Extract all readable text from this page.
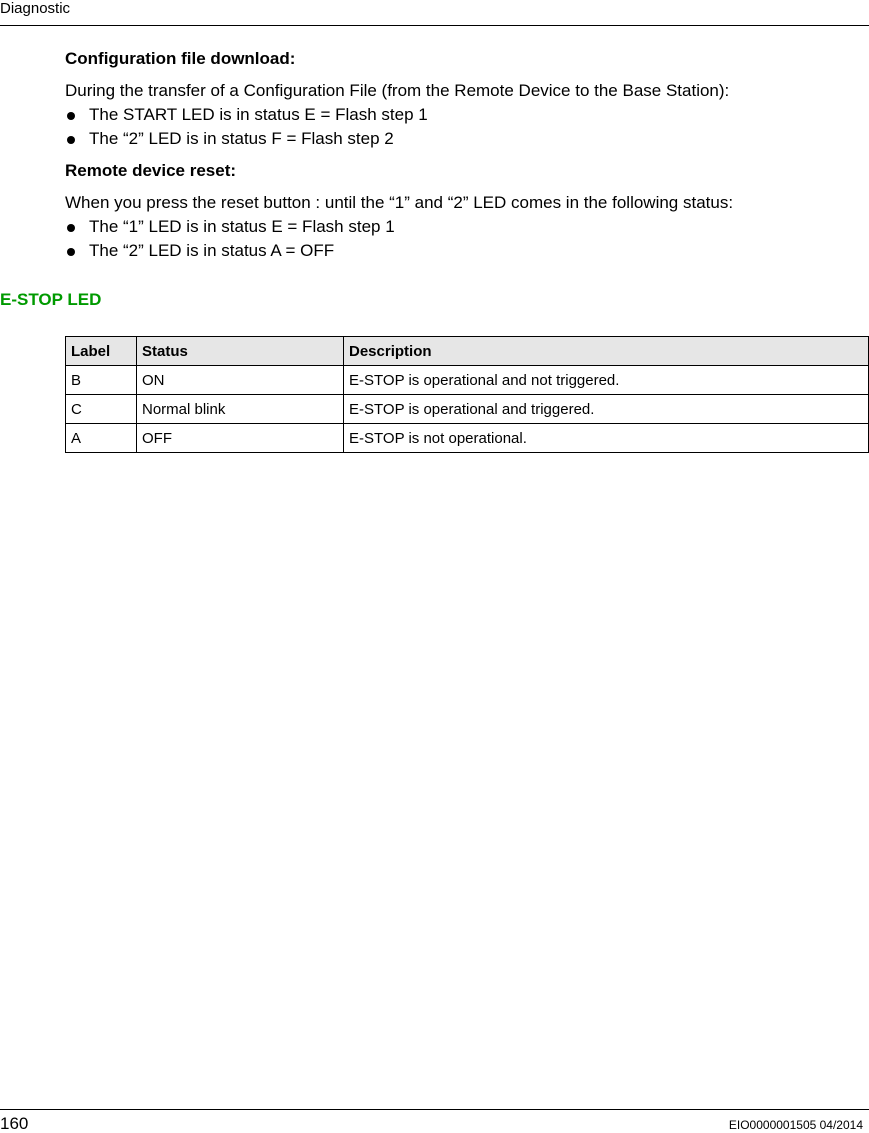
Diagnostic
Configuration file download:
During the transfer of a Configuration File (from the Remote Device to the Base Station):
The START LED is in status E = Flash step 1
The “2” LED is in status F = Flash step 2
Remote device reset:
When you press the reset button : until the “1” and “2” LED comes in the following status:
The “1” LED is in status E = Flash step 1
The “2” LED is in status A = OFF
E-STOP LED
Label	Status	Description
B	ON	E-STOP is operational and not triggered.
C	Normal blink	E-STOP is operational and triggered.
A	OFF	E-STOP is not operational.
160	EIO0000001505 04/2014
